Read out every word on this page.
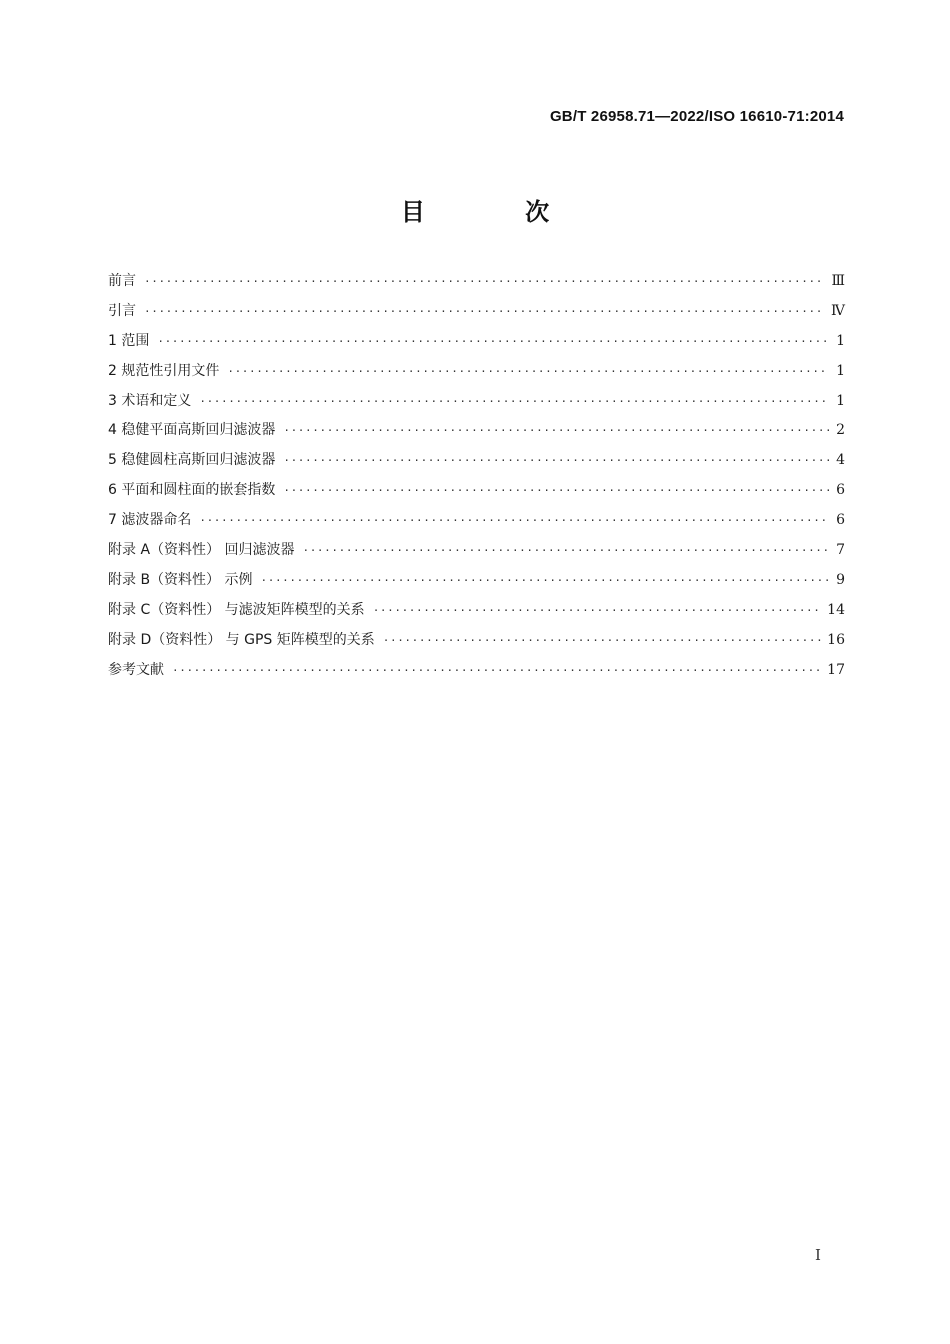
GB/T 26958.71—2022/ISO 16610-71:2014
目 次
前言 ·····	Ⅲ
引言 ·····	Ⅳ
1 范围 ·····	1
2 规范性引用文件 ·····	1
3 术语和定义 ·····	1
4 稳健平面高斯回归滤波器 ·····	2
5 稳健圆柱高斯回归滤波器 ·····	4
6 平面和圆柱面的嵌套指数 ·····	6
7 滤波器命名 ·····	6
附录 A（资料性） 回归滤波器 ·····	7
附录 B（资料性） 示例 ·····	9
附录 C（资料性） 与滤波矩阵模型的关系 ·····	14
附录 D（资料性） 与 GPS 矩阵模型的关系 ·····	16
参考文献 ·····	17
I
